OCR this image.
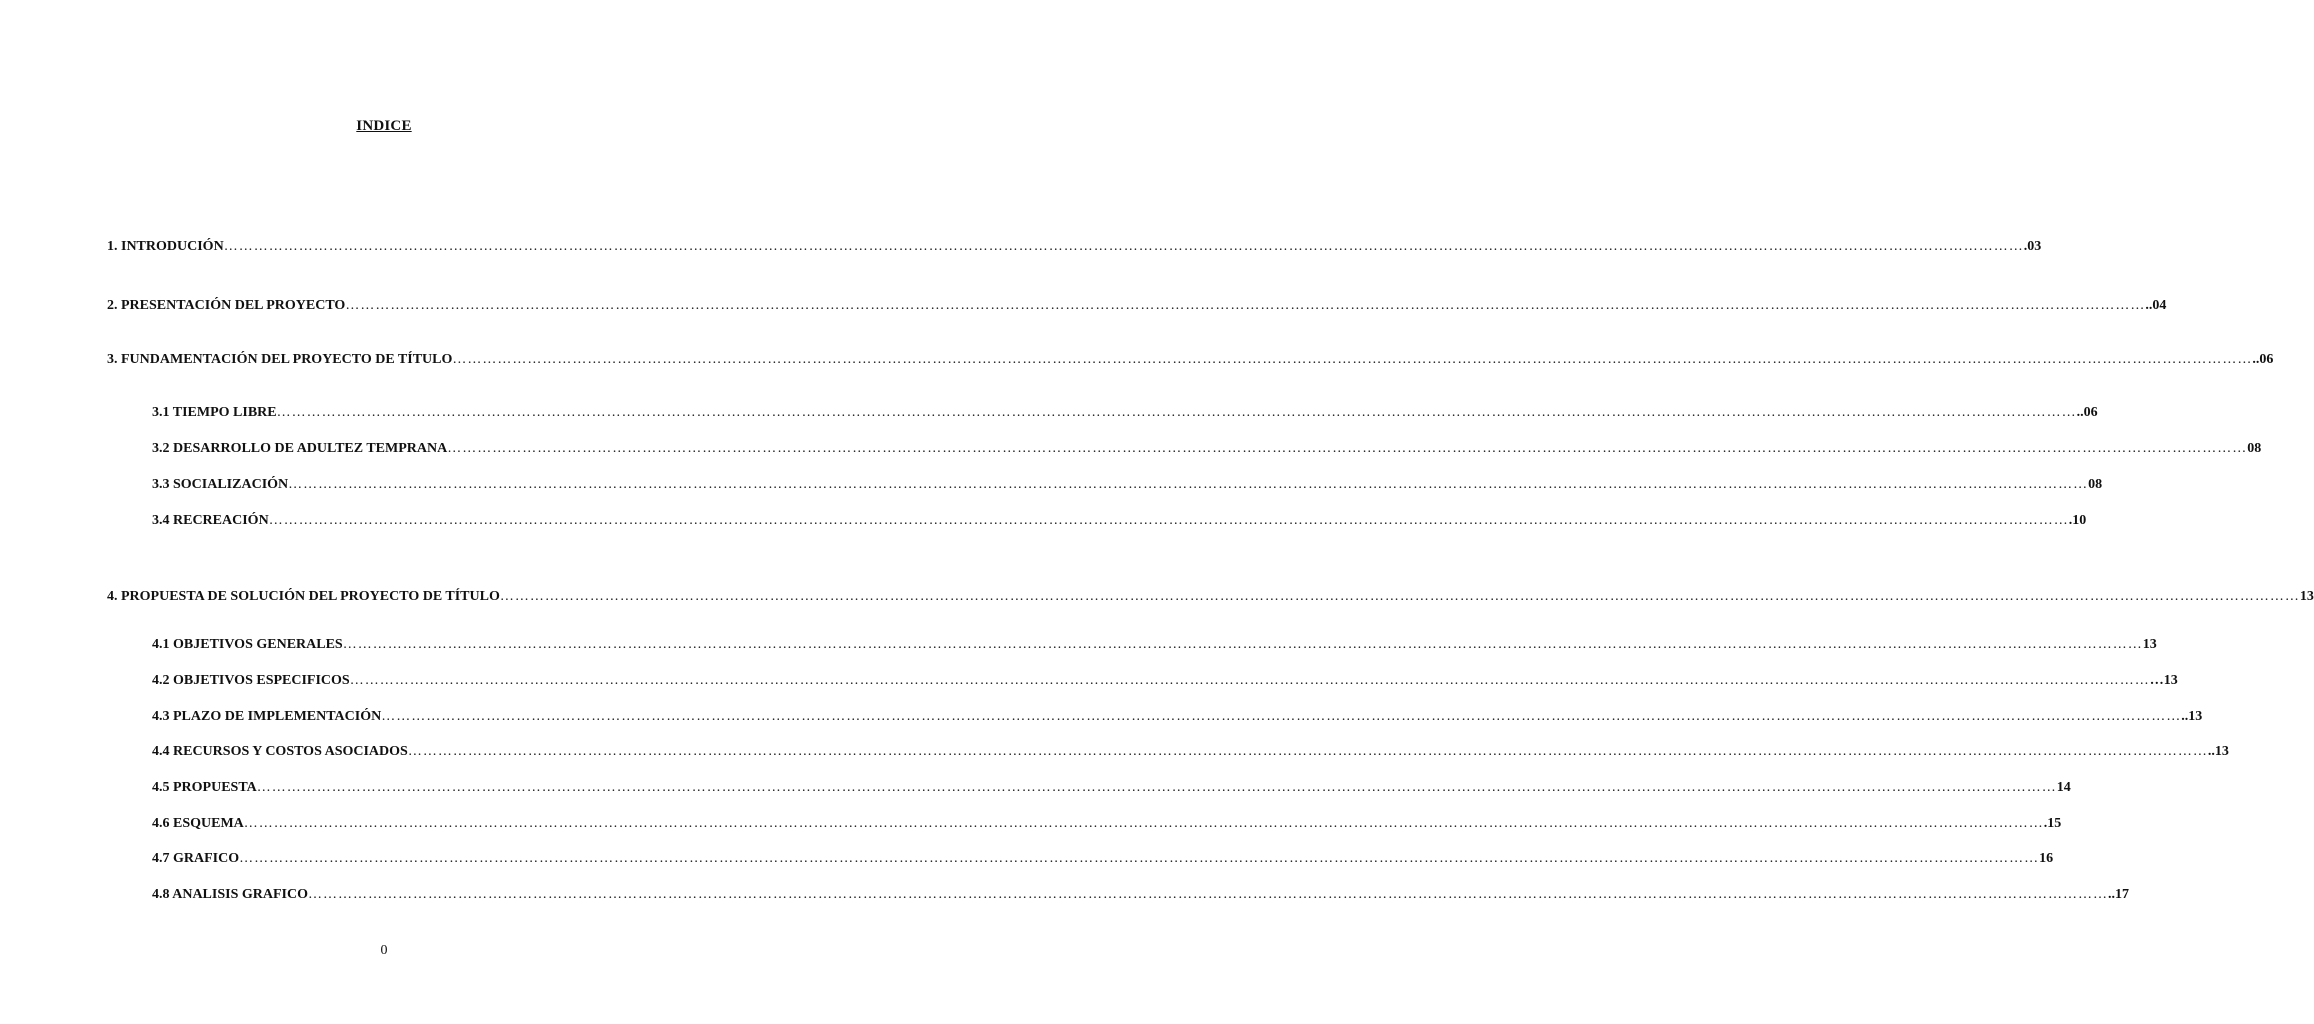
INDICE
1. INTRODUCIÓN ……………………………………………………………………………………………………………………………………………………………………………………………………………………………………………………………………………………………………………………………… .03
2. PRESENTACIÓN DEL PROYECTO ……………………………………………………………………………………………………………………………………………………………………………………………………………………………………………………………………………………………………………………………… ..04
3. FUNDAMENTACIÓN DEL PROYECTO DE TÍTULO ……………………………………………………………………………………………………………………………………………………………………………………………………………………………………………………………………………………………………………………………… ..06
3.1 TIEMPO LIBRE ……………………………………………………………………………………………………………………………………………………………………………………………………………………………………………………………………………………………………………………………… ..06
3.2 DESARROLLO DE ADULTEZ TEMPRANA ……………………………………………………………………………………………………………………………………………………………………………………………………………………………………………………………………………………………………………………………… 08
3.3 SOCIALIZACIÓN ……………………………………………………………………………………………………………………………………………………………………………………………………………………………………………………………………………………………………………………………… 08
3.4 RECREACIÓN ……………………………………………………………………………………………………………………………………………………………………………………………………………………………………………………………………………………………………………………………… .10
4. PROPUESTA DE SOLUCIÓN DEL PROYECTO DE TÍTULO ……………………………………………………………………………………………………………………………………………………………………………………………………………………………………………………………………………………………………………………………… 13
4.1 OBJETIVOS GENERALES ……………………………………………………………………………………………………………………………………………………………………………………………………………………………………………………………………………………………………………………………… 13
4.2 OBJETIVOS ESPECIFICOS ……………………………………………………………………………………………………………………………………………………………………………………………………………………………………………………………………………………………………………………………… …13
4.3 PLAZO DE IMPLEMENTACIÓN ……………………………………………………………………………………………………………………………………………………………………………………………………………………………………………………………………………………………………………………………… ..13
4.4 RECURSOS Y COSTOS ASOCIADOS ……………………………………………………………………………………………………………………………………………………………………………………………………………………………………………………………………………………………………………………………… ..13
4.5 PROPUESTA ……………………………………………………………………………………………………………………………………………………………………………………………………………………………………………………………………………………………………………………………… 14
4.6 ESQUEMA ……………………………………………………………………………………………………………………………………………………………………………………………………………………………………………………………………………………………………………………………… .15
4.7 GRAFICO ……………………………………………………………………………………………………………………………………………………………………………………………………………………………………………………………………………………………………………………………… 16
4.8 ANALISIS GRAFICO ……………………………………………………………………………………………………………………………………………………………………………………………………………………………………………………………………………………………………………………………… ..17
0
